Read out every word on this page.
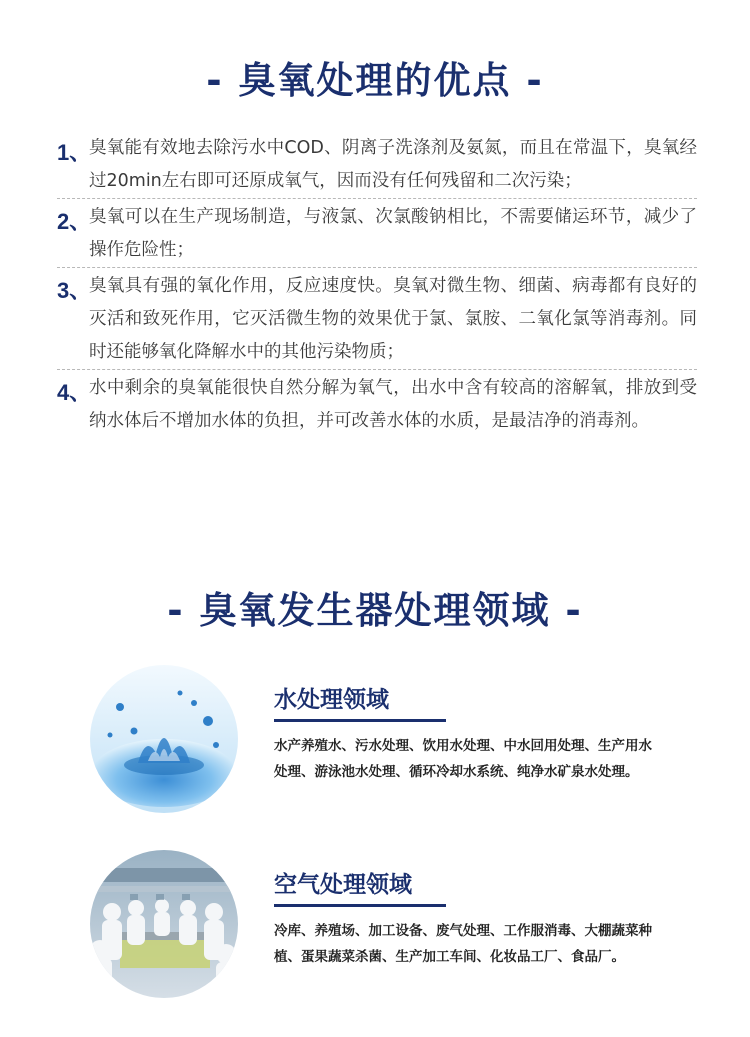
- 臭氧处理的优点 -
1、
臭氧能有效地去除污水中COD、阴离子洗涤剂及氨氮，而且在常温下，臭氧经过20min左右即可还原成氧气，因而没有任何残留和二次污染；
2、
臭氧可以在生产现场制造，与液氯、次氯酸钠相比，不需要储运环节，减少了操作危险性；
3、
臭氧具有强的氧化作用，反应速度快。臭氧对微生物、细菌、病毒都有良好的灭活和致死作用，它灭活微生物的效果优于氯、氯胺、二氧化氯等消毒剂。同时还能够氧化降解水中的其他污染物质；
4、
水中剩余的臭氧能很快自然分解为氧气，出水中含有较高的溶解氧，排放到受纳水体后不增加水体的负担，并可改善水体的水质，是最洁净的消毒剂。
- 臭氧发生器处理领域 -
水处理领域
水产养殖水、污水处理、饮用水处理、中水回用处理、生产用水处理、游泳池水处理、循环冷却水系统、纯净水矿泉水处理。
空气处理领域
冷库、养殖场、加工设备、废气处理、工作服消毒、大棚蔬菜种植、蛋果蔬菜杀菌、生产加工车间、化妆品工厂、食品厂。
